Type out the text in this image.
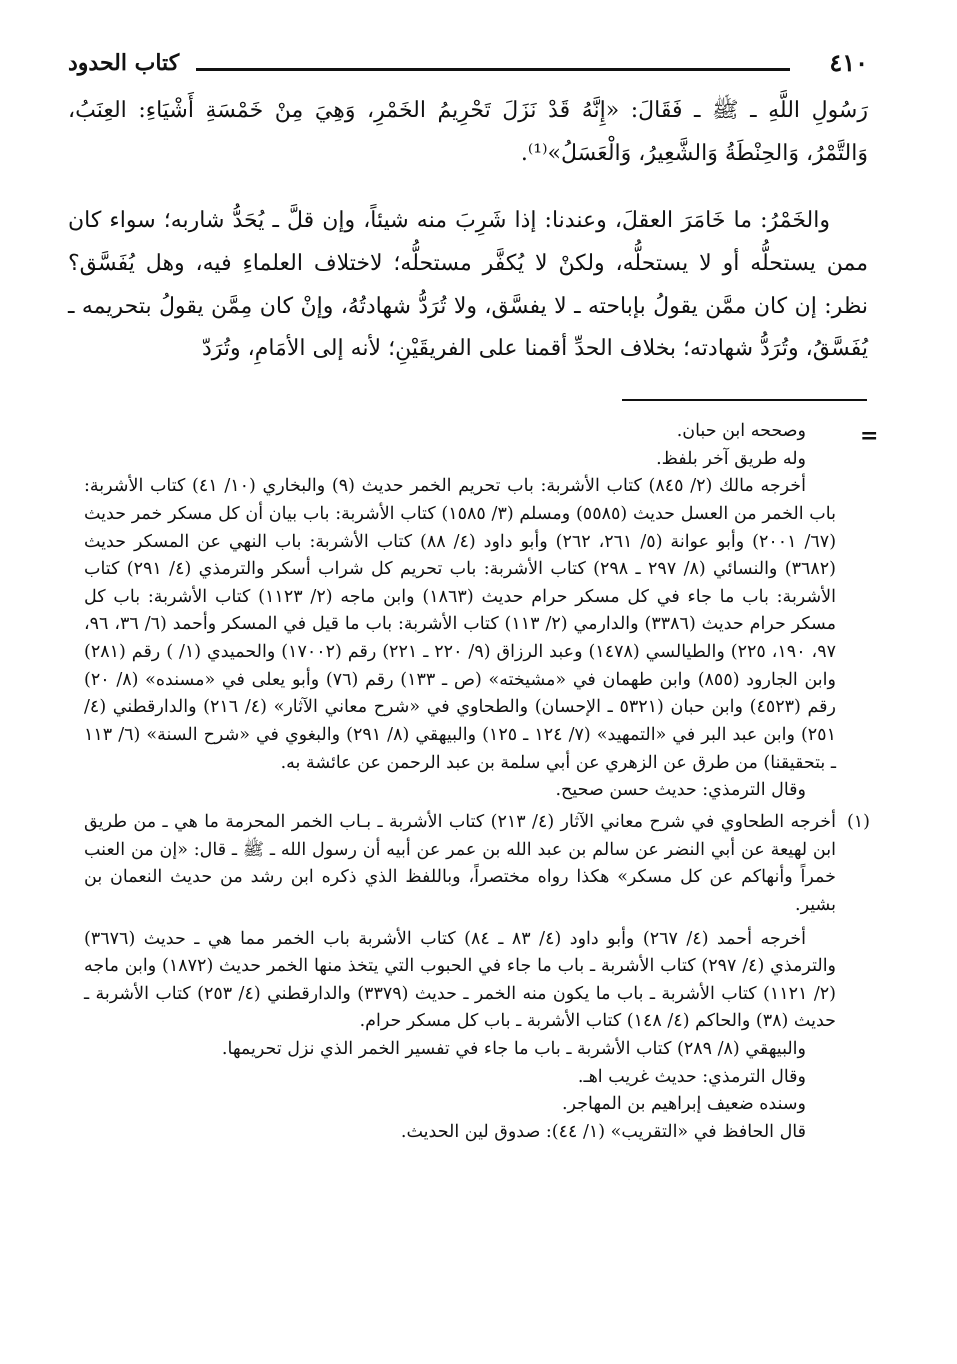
٤١٠
كتاب الحدود

رَسُولِ اللَّهِ ـ ﷺ ـ فَقَالَ: «إِنَّهُ قَدْ نَزَلَ تَحْرِيمُ الخَمْرِ، وَهِيَ مِنْ خَمْسَةِ أَشْيَاءِ: العِنَبُ، وَالتَّمْرُ، وَالحِنْطَةُ وَالشَّعِيرُ، وَالْعَسَلُ»⁽¹⁾.

والخَمْرُ: ما خَامَرَ العقلَ، وعندنا: إذا شَرِبَ منه شيئاً، وإن قلَّ ـ يُحَدُّ شاربه؛ سواء كان ممن يستحلُّه أو لا يستحلُّه، ولكنْ لا يُكفَّر مستحلُّه؛ لاختلاف العلماءِ فيه، وهل يُفَسَّق؟ نظر: إن كان ممَّن يقولُ بإباحته ـ لا يفسَّق، ولا تُرَدُّ شهادتُهُ، وإنْ كان مِمَّن يقولُ بتحريمه ـ يُفَسَّقُ، وتُرَدُّ شهادته؛ بخلاف الحدِّ أقمنا على الفريقَيْنِ؛ لأنه إلى الأمَامِ، وتُرَدّ

=

وصححه ابن حبان.

وله طريق آخر بلفظ.

أخرجه مالك (٢/ ٨٤٥) كتاب الأشربة: باب تحريم الخمر حديث (٩) والبخاري (١٠/ ٤١) كتاب الأشربة: باب الخمر من العسل حديث (٥٥٨٥) ومسلم (٣/ ١٥٨٥) كتاب الأشربة: باب بيان أن كل مسكر خمر حديث (٦٧/ ٢٠٠١) وأبو عوانة (٥/ ٢٦١، ٢٦٢) وأبو داود (٤/ ٨٨) كتاب الأشربة: باب النهي عن المسكر حديث (٣٦٨٢) والنسائي (٨/ ٢٩٧ ـ ٢٩٨) كتاب الأشربة: باب تحريم كل شراب أسكر والترمذي (٤/ ٢٩١) كتاب الأشربة: باب ما جاء في كل مسكر حرام حديث (١٨٦٣) وابن ماجه (٢/ ١١٢٣) كتاب الأشربة: باب كل مسكر حرام حديث (٣٣٨٦) والدارمي (٢/ ١١٣) كتاب الأشربة: باب ما قيل في المسكر وأحمد (٦/ ٣٦، ٩٦، ٩٧، ١٩٠، ٢٢٥) والطيالسي (١٤٧٨) وعبد الرزاق (٩/ ٢٢٠ ـ ٢٢١) رقم (١٧٠٠٢) والحميدي (١/ ) رقم (٢٨١) وابن الجارود (٨٥٥) وابن طهمان في «مشيخته» (ص ـ ١٣٣) رقم (٧٦) وأبو يعلى في «مسنده» (٨/ ٢٠) رقم (٤٥٢٣) وابن حبان (٥٣٢١ ـ الإحسان) والطحاوي في «شرح معاني الآثار» (٤/ ٢١٦) والدارقطني (٤/ ٢٥١) وابن عبد البر في «التمهيد» (٧/ ١٢٤ ـ ١٢٥) والبيهقي (٨/ ٢٩١) والبغوي في «شرح السنة» (٦/ ١١٣ ـ بتحقيقنا) من طرق عن الزهري عن أبي سلمة بن عبد الرحمن عن عائشة به.

وقال الترمذي: حديث حسن صحيح.

(١)

أخرجه الطحاوي في شرح معاني الآثار (٤/ ٢١٣) كتاب الأشربة ـ بـاب الخمر المحرمة ما هي ـ من طريق ابن لهيعة عن أبي النضر عن سالم بن عبد الله بن عمر عن أبيه أن رسول الله ـ ﷺ ـ قال: «إن من العنب خمراً وأنهاكم عن كل مسكر» هكذا رواه مختصراً، وباللفظ الذي ذكره ابن رشد من حديث النعمان بن بشير.

أخرجه أحمد (٤/ ٢٦٧) وأبو داود (٤/ ٨٣ ـ ٨٤) كتاب الأشربة باب الخمر مما هي ـ حديث (٣٦٧٦) والترمذي (٤/ ٢٩٧) كتاب الأشربة ـ باب ما جاء في الحبوب التي يتخذ منها الخمر حديث (١٨٧٢) وابن ماجه (٢/ ١١٢١) كتاب الأشربة ـ باب ما يكون منه الخمر ـ حديث (٣٣٧٩) والدارقطني (٤/ ٢٥٣) كتاب الأشربة ـ حديث (٣٨) والحاكم (٤/ ١٤٨) كتاب الأشربة ـ باب كل مسكر حرام.

والبيهقي (٨/ ٢٨٩) كتاب الأشربة ـ باب ما جاء في تفسير الخمر الذي نزل تحريمها.

وقال الترمذي: حديث غريب اهـ.

وسنده ضعيف إبراهيم بن المهاجر.

قال الحافظ في «التقريب» (١/ ٤٤): صدوق لين الحديث.
